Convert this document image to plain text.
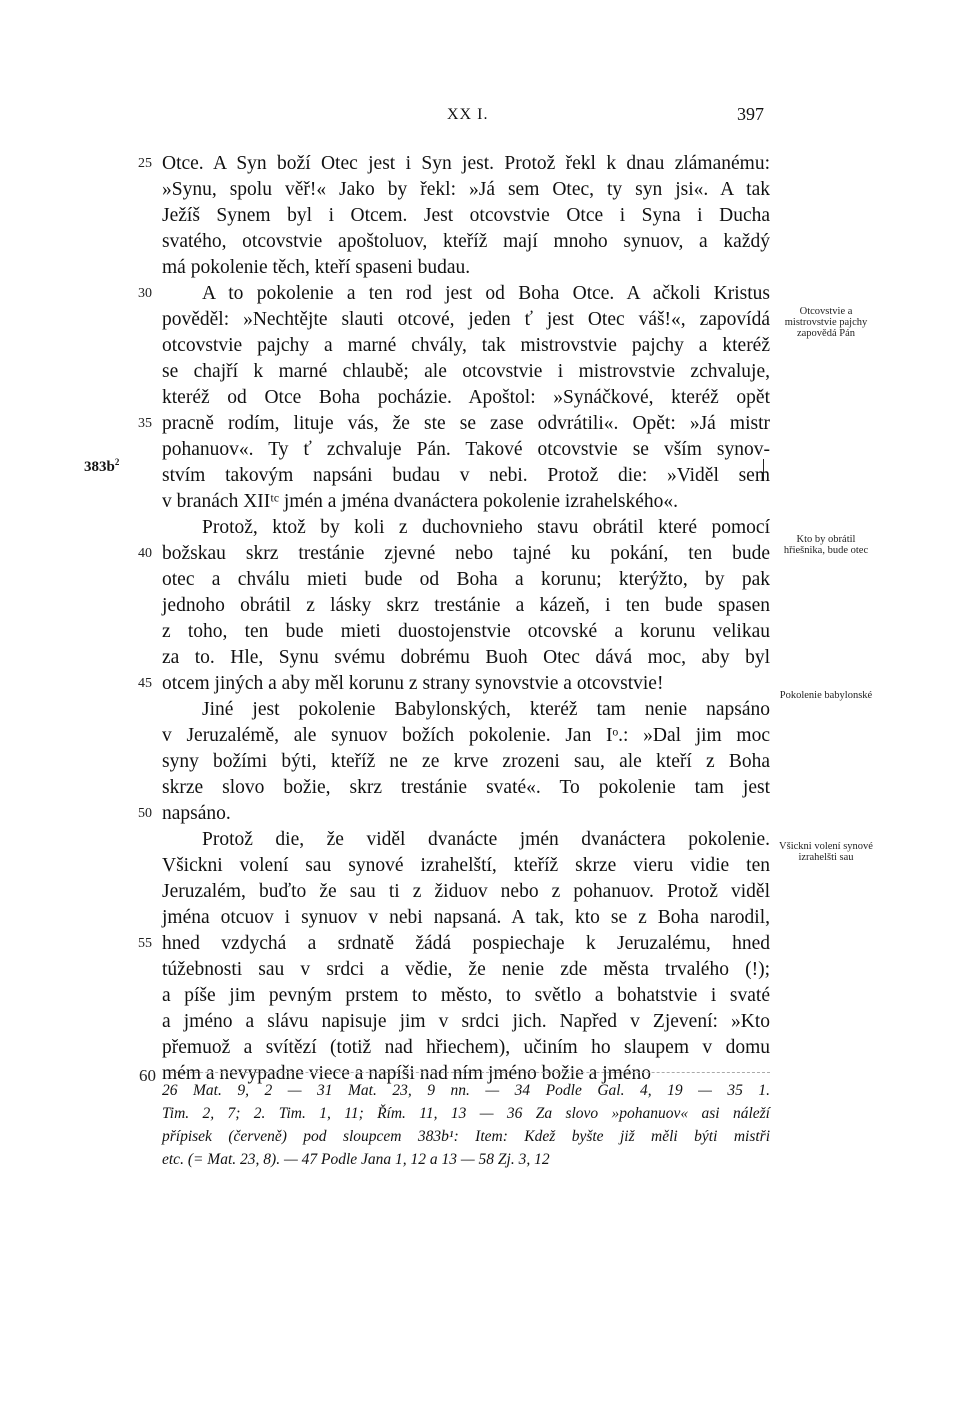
XX I.	397
$383b^2$
Otce. A Syn boží Otec jest i Syn jest. Protož řekl k dnau zlámanému:
25
»Synu, spolu věř!« Jako by řekl: »Já sem Otec, ty syn jsi«. A tak
Ježíš Synem byl i Otcem. Jest otcovstvie Otce i Syna i Ducha
svatého, otcovstvie apoštoluov, kteříž mají mnoho synuov, a každý
má pokolenie těch, kteří spaseni budau.
A to pokolenie a ten rod jest od Boha Otce. A ačkoli Kristus
30
pověděl: »Nechtějte slauti otcové, jeden ť jest Otec váš!«, zapovídá
otcovstvie pajchy a marné chvály, tak mistrovstvie pajchy a kteréž
se chajří k marné chlaubě; ale otcovstvie i mistrovstvie zchvaluje,
kteréž od Otce Boha pocházie. Apoštol: »Synáčkové, kteréž opět
pracně rodím, lituje vás, že ste se zase odvrátili«. Opět: »Já mistr
35
pohanuov«. Ty ť zchvaluje Pán. Takové otcovstvie se vším synov-
stvím takovým napsáni budau v nebi. Protož die: »Viděl sem
v branách XIIᵗᶜ jmén a jména dvanáctera pokolenie izrahelského«.
Protož, ktož by koli z duchovnieho stavu obrátil které pomocí
božskau skrz trestánie zjevné nebo tajné ku pokání, ten bude
40
otec a chválu mieti bude od Boha a korunu; kterýžto, by pak
jednoho obrátil z lásky skrz trestánie a kázeň, i ten bude spasen
z toho, ten bude mieti duostojenstvie otcovské a korunu velikau
za to. Hle, Synu svému dobrému Buoh Otec dává moc, aby byl
otcem jiných a aby měl korunu z strany synovstvie a otcovstvie!
45
Jiné jest pokolenie Babylonských, kteréž tam nenie napsáno
v Jeruzalémě, ale synuov božích pokolenie. Jan Iᵒ.: »Dal jim moc
syny božími býti, kteříž ne ze krve zrozeni sau, ale kteří z Boha
skrze slovo božie, skrz trestánie svaté«. To pokolenie tam jest
napsáno.
50
Protož die, že viděl dvanácte jmén dvanáctera pokolenie.
Všickni volení sau synové izrahelští, kteříž skrze vieru vidie ten
Jeruzalém, buďto že sau ti z židuov nebo z pohanuov. Protož viděl
jména otcuov i synuov v nebi napsaná. A tak, kto se z Boha narodil,
hned vzdychá a srdnatě žádá pospiechaje k Jeruzalému, hned
55
túžebnosti sau v srdci a vědie, že nenie zde města trvalého (!);
a píše jim pevným prstem to město, to světlo a bohatstvie i svaté
a jméno a slávu napisuje jim v srdci jich. Napřed v Zjevení: »Kto
přemuož a svítězí (totiž nad hřiechem), učiním ho slaupem v domu
mém a nevypadne viece a napíši nad ním jméno božie a jméno
60
Otcovstvie a mistrovstvie pajchy zapovědá Pán
Kto by obrátil hřiešnika, bude otec
Pokolenie babylonské
Všickni volení synové izrahelšti sau
26 Mat. 9, 2 — 31 Mat. 23, 9 nn. — 34 Podle Gal. 4, 19 — 35 1.
Tim. 2, 7; 2. Tim. 1, 11; Řím. 11, 13 — 36 Za slovo »pohanuov« asi náleží
přípisek (červeně) pod sloupcem 383b¹: Item: Kdež byšte již měli býti mistři
etc. (= Mat. 23, 8). — 47 Podle Jana 1, 12 a 13 — 58 Zj. 3, 12
